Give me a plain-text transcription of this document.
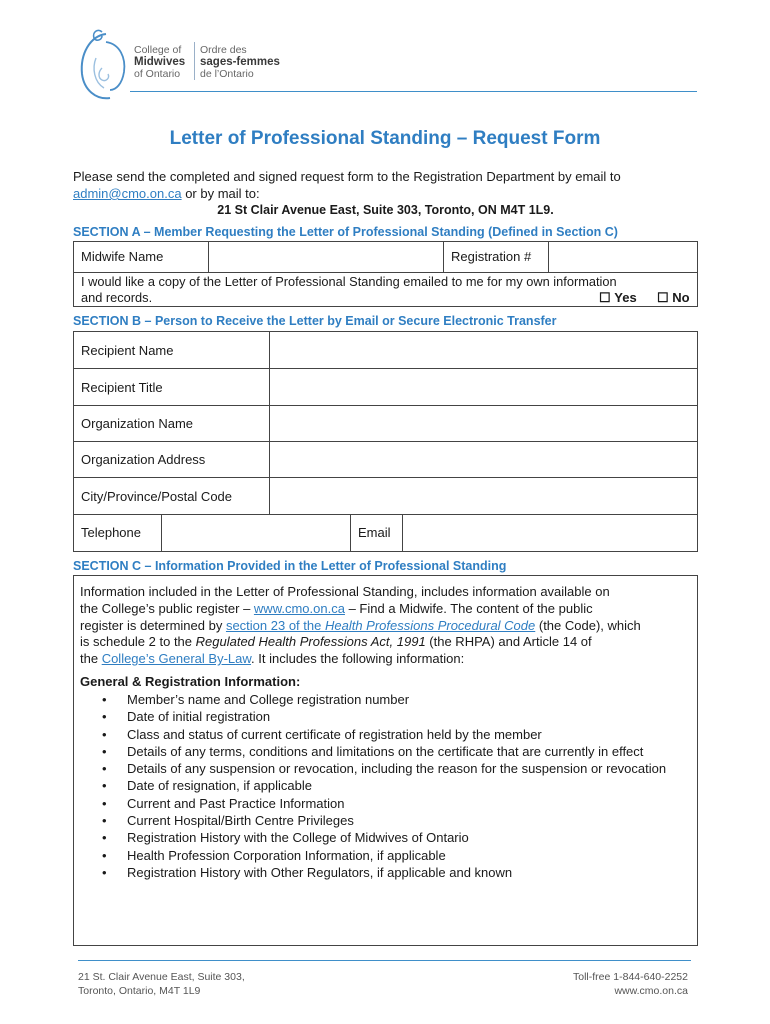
College of
Midwives
of Ontario
Ordre des
sages-femmes
de l’Ontario
Letter of Professional Standing – Request Form
Please send the completed and signed request form to the Registration Department by email to
admin@cmo.on.ca or by mail to:
21 St Clair Avenue East, Suite 303, Toronto, ON M4T 1L9.
SECTION A – Member Requesting the Letter of Professional Standing (Defined in Section C)
Midwife Name	Registration #
I would like a copy of the Letter of Professional Standing emailed to me for my own information
and records.	☐ Yes	☐ No
SECTION B – Person to Receive the Letter by Email or Secure Electronic Transfer
Recipient Name
Recipient Title
Organization Name
Organization Address
City/Province/Postal Code
Telephone	Email
SECTION C – Information Provided in the Letter of Professional Standing
Information included in the Letter of Professional Standing, includes information available on
the College’s public register – www.cmo.on.ca – Find a Midwife. The content of the public
register is determined by section 23 of the Health Professions Procedural Code (the Code), which
is schedule 2 to the Regulated Health Professions Act, 1991 (the RHPA) and Article 14 of
the College’s General By-Law. It includes the following information:
General & Registration Information:
• Member’s name and College registration number
• Date of initial registration
• Class and status of current certificate of registration held by the member
• Details of any terms, conditions and limitations on the certificate that are currently in effect
• Details of any suspension or revocation, including the reason for the suspension or revocation
• Date of resignation, if applicable
• Current and Past Practice Information
• Current Hospital/Birth Centre Privileges
• Registration History with the College of Midwives of Ontario
• Health Profession Corporation Information, if applicable
• Registration History with Other Regulators, if applicable and known
21 St. Clair Avenue East, Suite 303,
Toronto, Ontario, M4T 1L9
Toll-free 1-844-640-2252
www.cmo.on.ca
